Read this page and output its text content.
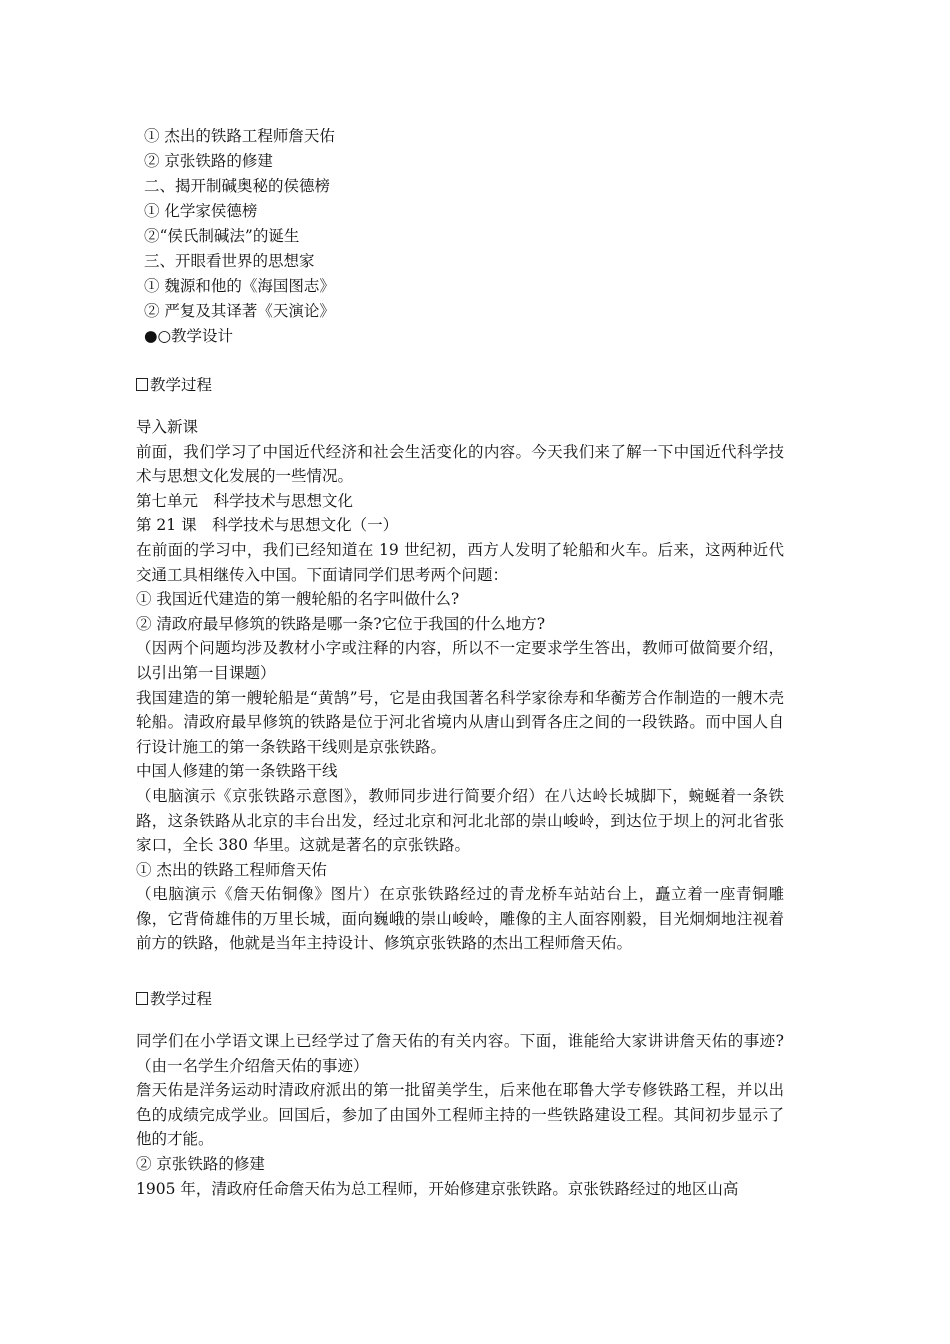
① 杰出的铁路工程师詹天佑
② 京张铁路的修建
二、揭开制碱奥秘的侯德榜
① 化学家侯德榜
②“侯氏制碱法”的诞生
三、开眼看世界的思想家
① 魏源和他的《海国图志》
② 严复及其译著《天演论》
●○教学设计
教学过程
导入新课
前面，我们学习了中国近代经济和社会生活变化的内容。今天我们来了解一下中国近代科学技术与思想文化发展的一些情况。
第七单元　科学技术与思想文化
第 21 课　科学技术与思想文化（一）
在前面的学习中，我们已经知道在 19 世纪初，西方人发明了轮船和火车。后来，这两种近代交通工具相继传入中国。下面请同学们思考两个问题：
① 我国近代建造的第一艘轮船的名字叫做什么?
② 清政府最早修筑的铁路是哪一条?它位于我国的什么地方?
（因两个问题均涉及教材小字或注释的内容，所以不一定要求学生答出，教师可做简要介绍，以引出第一目课题）
我国建造的第一艘轮船是“黄鹄”号，它是由我国著名科学家徐寿和华蘅芳合作制造的一艘木壳轮船。清政府最早修筑的铁路是位于河北省境内从唐山到胥各庄之间的一段铁路。而中国人自行设计施工的第一条铁路干线则是京张铁路。
中国人修建的第一条铁路干线
（电脑演示《京张铁路示意图》，教师同步进行简要介绍）在八达岭长城脚下，蜿蜒着一条铁路，这条铁路从北京的丰台出发，经过北京和河北北部的崇山峻岭，到达位于坝上的河北省张家口，全长 380 华里。这就是著名的京张铁路。
① 杰出的铁路工程师詹天佑
（电脑演示《詹天佑铜像》图片）在京张铁路经过的青龙桥车站站台上，矗立着一座青铜雕像，它背倚雄伟的万里长城，面向巍峨的崇山峻岭，雕像的主人面容刚毅，目光炯炯地注视着前方的铁路，他就是当年主持设计、修筑京张铁路的杰出工程师詹天佑。
教学过程
同学们在小学语文课上已经学过了詹天佑的有关内容。下面，谁能给大家讲讲詹天佑的事迹?（由一名学生介绍詹天佑的事迹）
詹天佑是洋务运动时清政府派出的第一批留美学生，后来他在耶鲁大学专修铁路工程，并以出色的成绩完成学业。回国后，参加了由国外工程师主持的一些铁路建设工程。其间初步显示了他的才能。
② 京张铁路的修建
1905 年，清政府任命詹天佑为总工程师，开始修建京张铁路。京张铁路经过的地区山高
